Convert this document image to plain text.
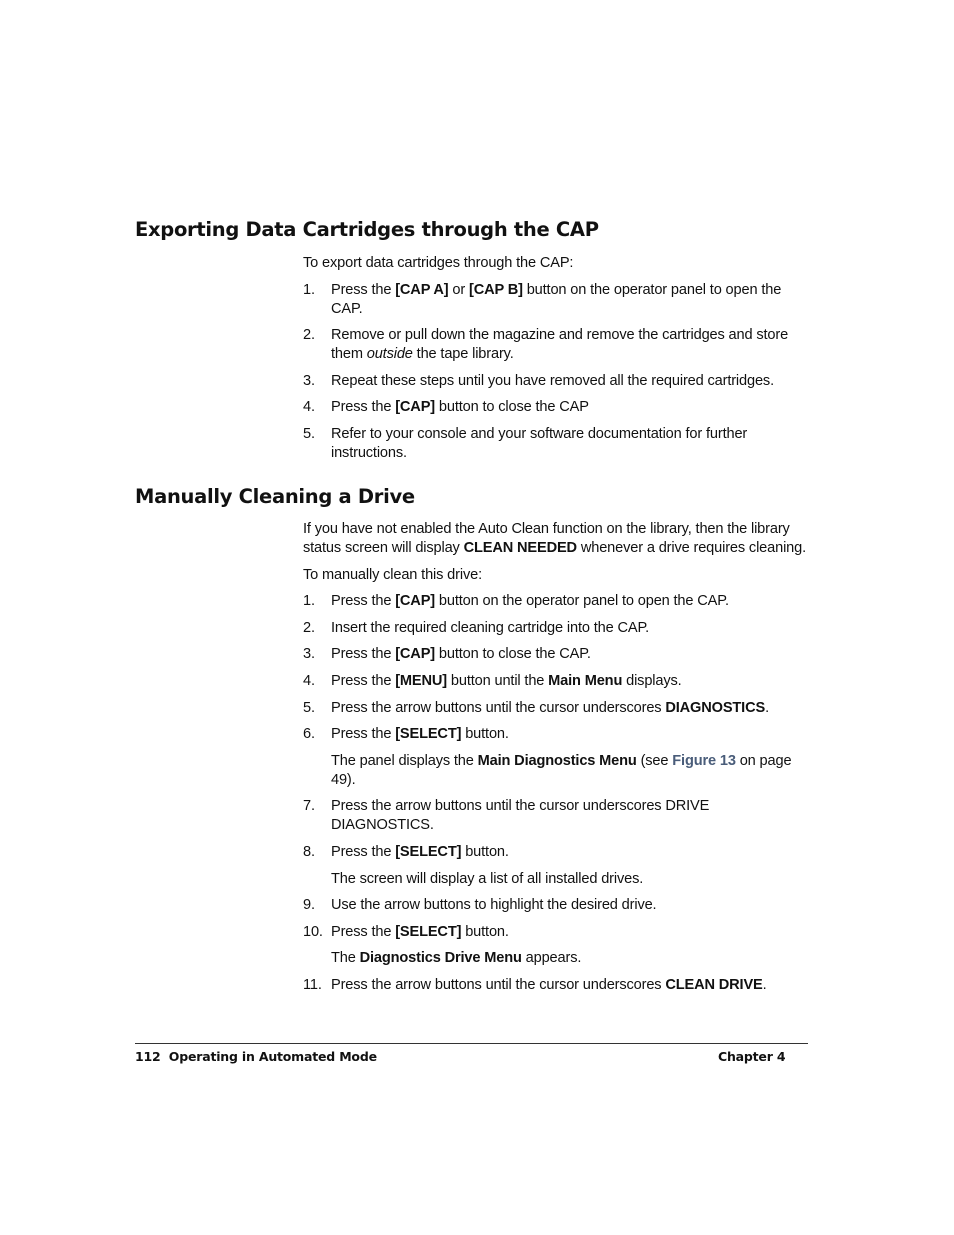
Exporting Data Cartridges through the CAP

To export data cartridges through the CAP:

1. Press the [CAP A] or [CAP B] button on the operator panel to open the CAP.
2. Remove or pull down the magazine and remove the cartridges and store them outside the tape library.
3. Repeat these steps until you have removed all the required cartridges.
4. Press the [CAP] button to close the CAP
5. Refer to your console and your software documentation for further instructions.
Manually Cleaning a Drive

If you have not enabled the Auto Clean function on the library, then the library status screen will display CLEAN NEEDED whenever a drive requires cleaning.

To manually clean this drive:

1. Press the [CAP] button on the operator panel to open the CAP.
2. Insert the required cleaning cartridge into the CAP.
3. Press the [CAP] button to close the CAP.
4. Press the [MENU] button until the Main Menu displays.
5. Press the arrow buttons until the cursor underscores DIAGNOSTICS.
6. Press the [SELECT] button.
The panel displays the Main Diagnostics Menu (see Figure 13 on page 49).
7. Press the arrow buttons until the cursor underscores DRIVE DIAGNOSTICS.
8. Press the [SELECT] button.
The screen will display a list of all installed drives.
9. Use the arrow buttons to highlight the desired drive.
10. Press the [SELECT] button.
The Diagnostics Drive Menu appears.
11. Press the arrow buttons until the cursor underscores CLEAN DRIVE.
112  Operating in Automated Mode	Chapter 4
